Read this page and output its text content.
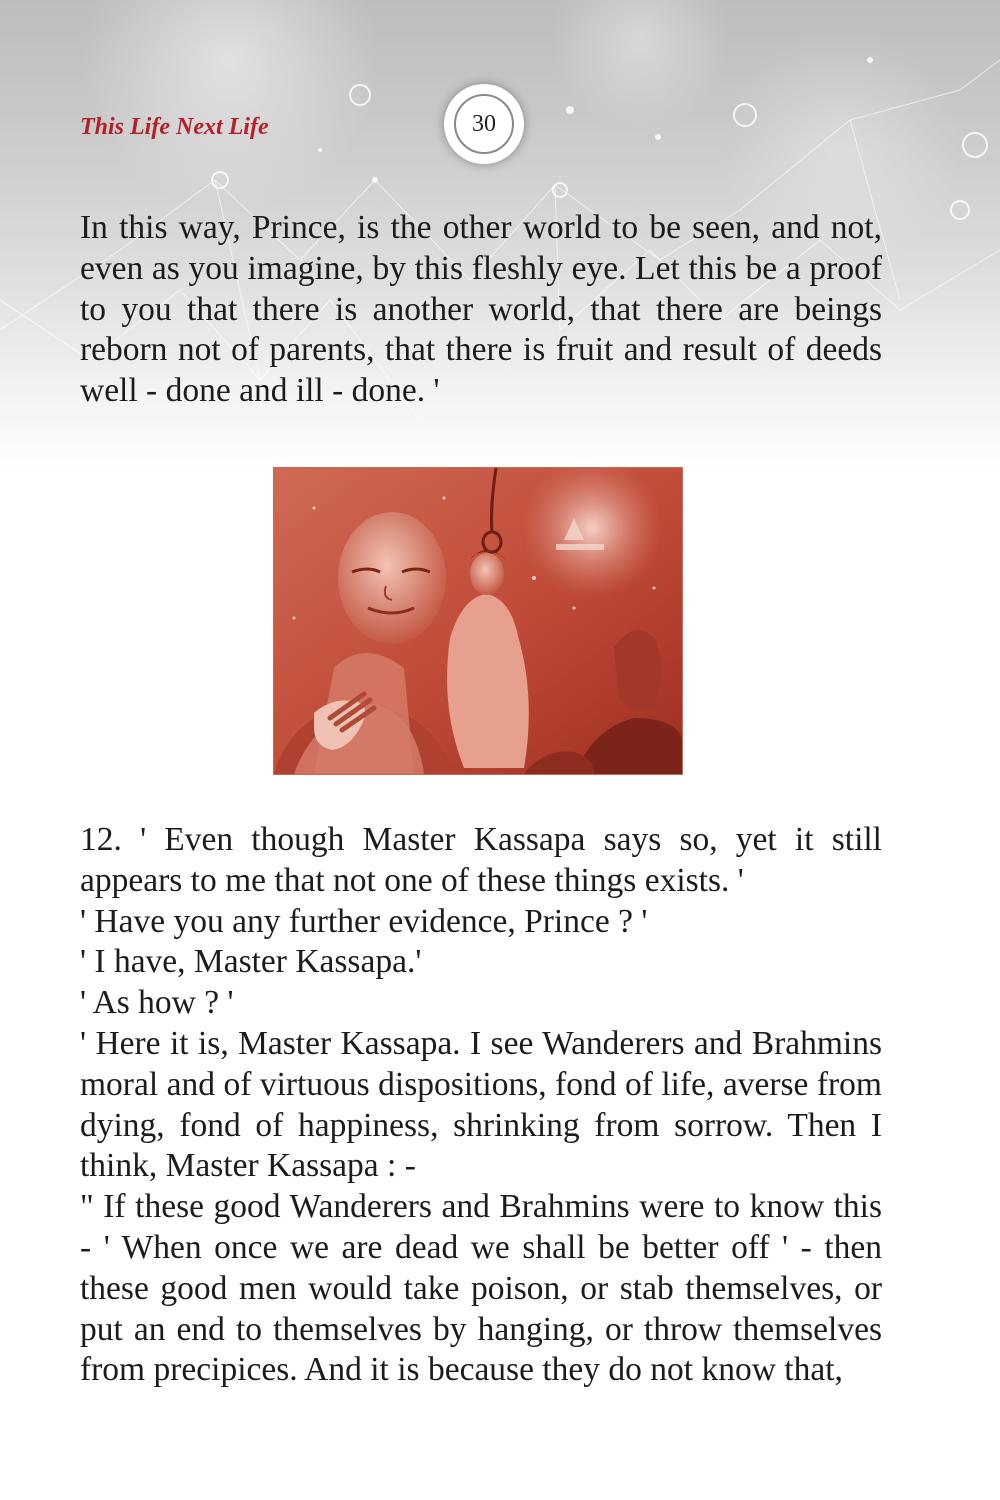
This Life Next Life	30

In this way, Prince, is the other world to be seen, and not, even as you imagine, by this fleshly eye. Let this be a proof to you that there is another world, that there are beings reborn not of parents, that there is fruit and result of deeds well - done and ill - done. '

12. ' Even though Master Kassapa says so, yet it still appears to me that not one of these things exists. '

' Have you any further evidence, Prince ? '

' I have, Master Kassapa.'

' As how ? '

' Here it is, Master Kassapa. I see Wanderers and Brahmins moral and of virtuous dispositions, fond of life, averse from dying, fond of happiness, shrinking from sorrow. Then I think, Master Kassapa : -

" If these good Wanderers and Brahmins were to know this - ' When once we are dead we shall be better off ' - then these good men would take poison, or stab themselves, or put an end to themselves by hanging, or throw themselves from precipices. And it is because they do not know that,
